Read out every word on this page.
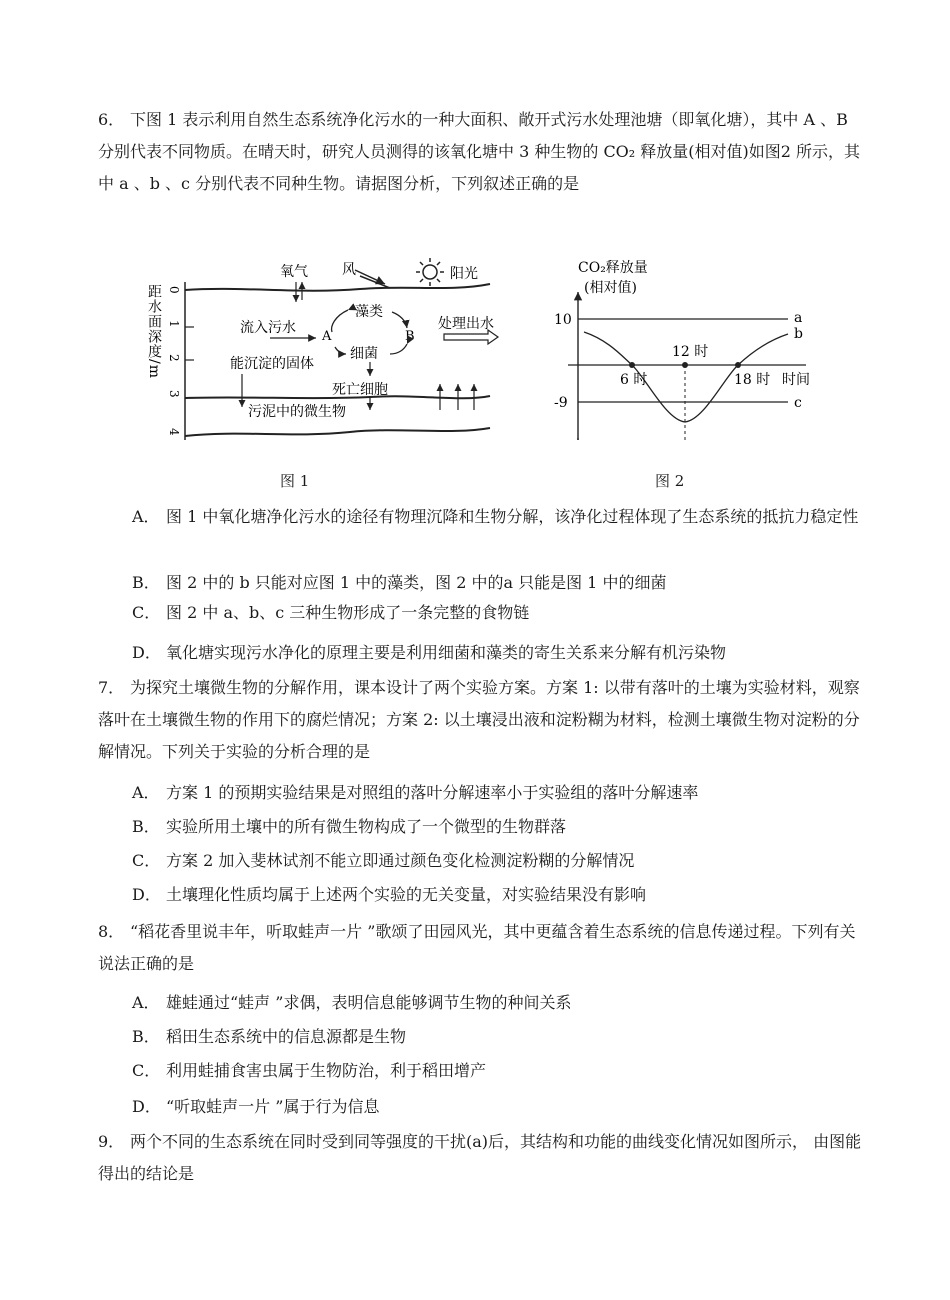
6． 下图 1 表示利用自然生态系统净化污水的一种大面积、敞开式污水处理池塘（即氧化塘），其中 A 、B 分别代表不同物质。在晴天时，研究人员测得的该氧化塘中 3 种生物的 CO₂ 释放量(相对值)如图2 所示，其中 a 、b 、c 分别代表不同种生物。请据图分析，下列叙述正确的是
距水面深度/m 0
1
2
3
4
氧气 风	阳光
藻类
细菌
A	B
流入污水	处理出水
能沉淀的固体
死亡细胞
污泥中的微生物
图 1
CO₂释放量
(相对值)
10
-9
6 时
12 时
18 时 时间
a
b
c
图 2
A． 图 1 中氧化塘净化污水的途径有物理沉降和生物分解，该净化过程体现了生态系统的抵抗力稳定性
B． 图 2 中的 b 只能对应图 1 中的藻类，图 2 中的a 只能是图 1 中的细菌
C． 图 2 中 a、b、c 三种生物形成了一条完整的食物链
D． 氧化塘实现污水净化的原理主要是利用细菌和藻类的寄生关系来分解有机污染物
7． 为探究土壤微生物的分解作用，课本设计了两个实验方案。方案 1: 以带有落叶的土壤为实验材料，观察落叶在土壤微生物的作用下的腐烂情况；方案 2: 以土壤浸出液和淀粉糊为材料，检测土壤微生物对淀粉的分解情况。下列关于实验的分析合理的是
A． 方案 1 的预期实验结果是对照组的落叶分解速率小于实验组的落叶分解速率
B． 实验所用土壤中的所有微生物构成了一个微型的生物群落
C． 方案 2 加入斐林试剂不能立即通过颜色变化检测淀粉糊的分解情况
D． 土壤理化性质均属于上述两个实验的无关变量，对实验结果没有影响
8． “稻花香里说丰年，听取蛙声一片 ”歌颂了田园风光，其中更蕴含着生态系统的信息传递过程。下列有关说法正确的是
A． 雄蛙通过“蛙声 ”求偶，表明信息能够调节生物的种间关系
B． 稻田生态系统中的信息源都是生物
C． 利用蛙捕食害虫属于生物防治，利于稻田增产
D． “听取蛙声一片 ”属于行为信息
9． 两个不同的生态系统在同时受到同等强度的干扰(a)后，其结构和功能的曲线变化情况如图所示， 由图能得出的结论是
